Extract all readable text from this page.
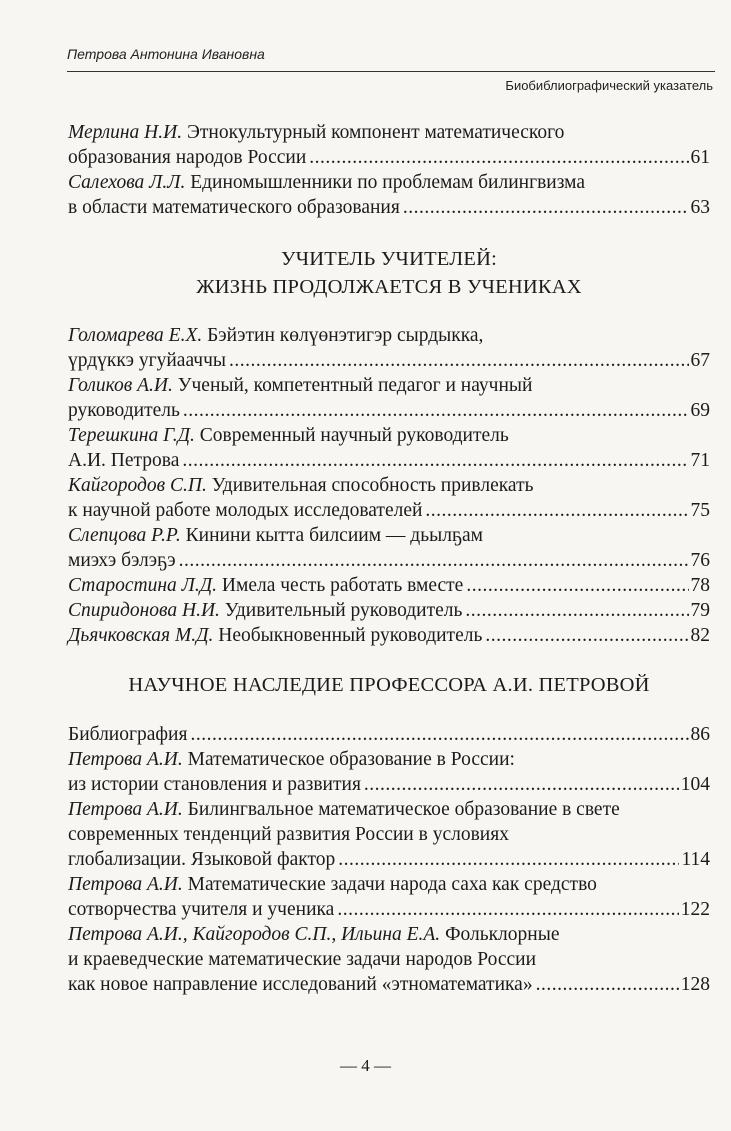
Петрова Антонина Ивановна
Биобиблиографический указатель
Мерлина Н.И. Этнокультурный компонент математического
образования народов России .....	61
Салехова Л.Л. Единомышленники по проблемам билингвизма
в области математического образования .....	63
УЧИТЕЛЬ УЧИТЕЛЕЙ:
ЖИЗНЬ ПРОДОЛЖАЕТСЯ В УЧЕНИКАХ
Голомарева Е.Х. Бэйэтин көлүөнэтигэр сырдыкка,
үрдүккэ угуйааччы .....	67
Голиков А.И. Ученый, компетентный педагог и научный
руководитель .....	69
Терешкина Г.Д. Современный научный руководитель
А.И. Петрова .....	71
Кайгородов С.П. Удивительная способность привлекать
к научной работе молодых исследователей .....	75
Слепцова Р.Р. Кинини кытта билсиим — дьылҕам
миэхэ бэлэҕэ .....	76
Старостина Л.Д. Имела честь работать вместе .....	78
Спиридонова Н.И. Удивительный руководитель .....	79
Дьячковская М.Д. Необыкновенный руководитель .....	82
НАУЧНОЕ НАСЛЕДИЕ ПРОФЕССОРА А.И. ПЕТРОВОЙ
Библиография .....	86
Петрова А.И. Математическое образование в России:
из истории становления и развития .....	104
Петрова А.И. Билингвальное математическое образование в свете
современных тенденций развития России в условиях
глобализации. Языковой фактор .....	114
Петрова А.И. Математические задачи народа саха как средство
сотворчества учителя и ученика .....	122
Петрова А.И., Кайгородов С.П., Ильина Е.А. Фольклорные
и краеведческие математические задачи народов России
как новое направление исследований «этноматематика» .....	128
— 4 —
